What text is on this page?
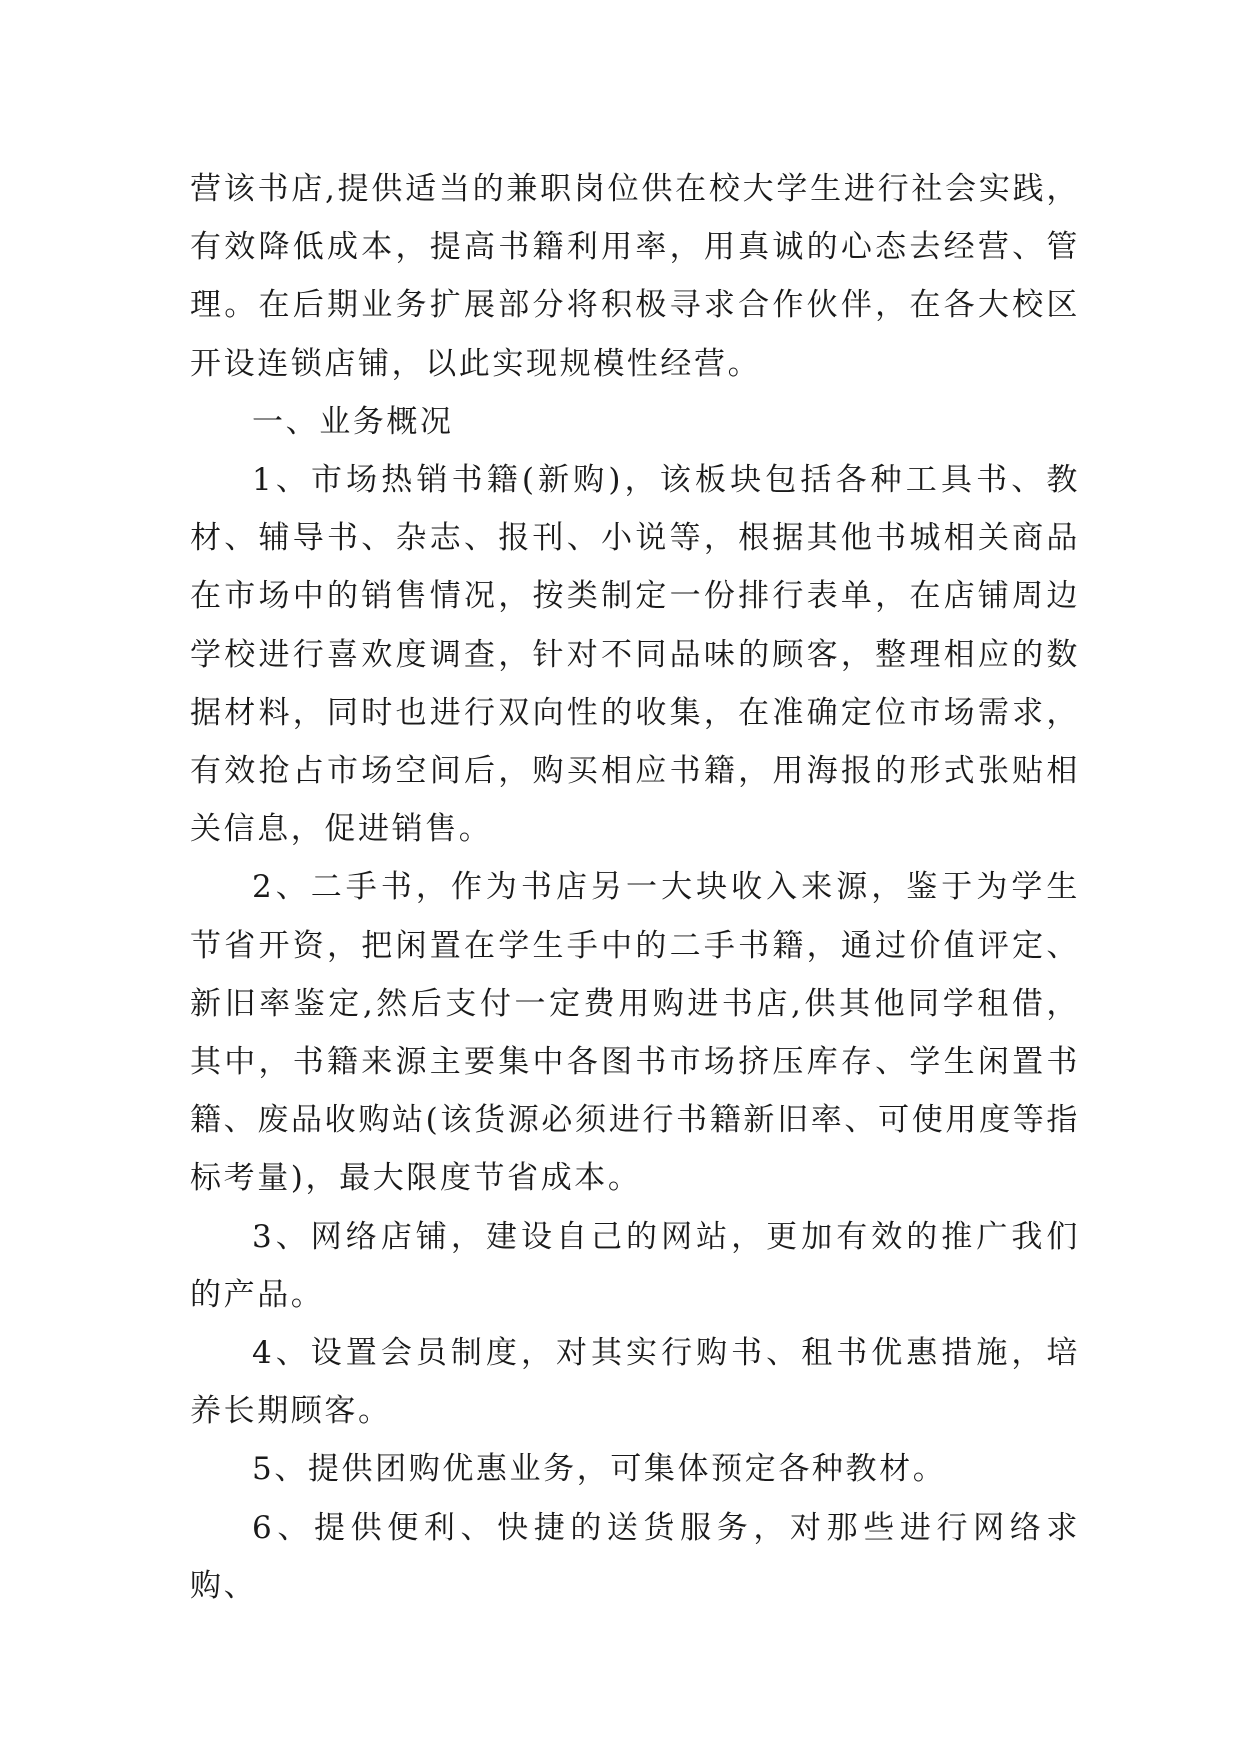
营该书店,提供适当的兼职岗位供在校大学生进行社会实践，有效降低成本，提高书籍利用率，用真诚的心态去经营、管理。在后期业务扩展部分将积极寻求合作伙伴，在各大校区开设连锁店铺，以此实现规模性经营。

一、业务概况

1、市场热销书籍(新购)，该板块包括各种工具书、教材、辅导书、杂志、报刊、小说等，根据其他书城相关商品在市场中的销售情况，按类制定一份排行表单，在店铺周边学校进行喜欢度调查，针对不同品味的顾客，整理相应的数据材料，同时也进行双向性的收集，在准确定位市场需求，有效抢占市场空间后，购买相应书籍，用海报的形式张贴相关信息，促进销售。

2、二手书，作为书店另一大块收入来源，鉴于为学生节省开资，把闲置在学生手中的二手书籍，通过价值评定、新旧率鉴定,然后支付一定费用购进书店,供其他同学租借，其中，书籍来源主要集中各图书市场挤压库存、学生闲置书籍、废品收购站(该货源必须进行书籍新旧率、可使用度等指标考量)，最大限度节省成本。

3、网络店铺，建设自己的网站，更加有效的推广我们的产品。

4、设置会员制度，对其实行购书、租书优惠措施，培养长期顾客。

5、提供团购优惠业务，可集体预定各种教材。

6、提供便利、快捷的送货服务，对那些进行网络求购、
